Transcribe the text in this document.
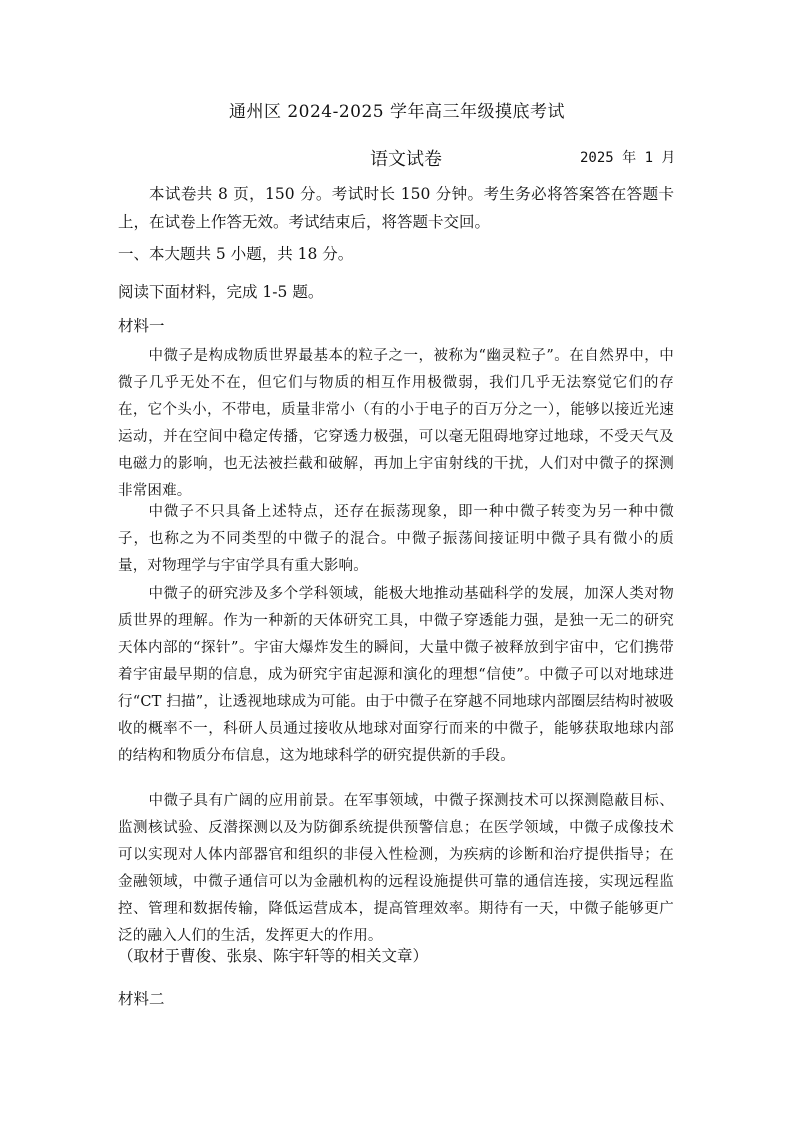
通州区 2024-2025 学年高三年级摸底考试
语文试卷	2025 年 1 月
本试卷共 8 页，150 分。考试时长 150 分钟。考生务必将答案答在答题卡上，在试卷上作答无效。考试结束后，将答题卡交回。
一、本大题共 5 小题，共 18 分。
阅读下面材料，完成 1-5 题。
材料一
中微子是构成物质世界最基本的粒子之一，被称为“幽灵粒子”。在自然界中，中微子几乎无处不在，但它们与物质的相互作用极微弱，我们几乎无法察觉它们的存在，它个头小，不带电，质量非常小（有的小于电子的百万分之一），能够以接近光速运动，并在空间中稳定传播，它穿透力极强，可以毫无阻碍地穿过地球，不受天气及电磁力的影响，也无法被拦截和破解，再加上宇宙射线的干扰，人们对中微子的探测非常困难。
中微子不只具备上述特点，还存在振荡现象，即一种中微子转变为另一种中微子，也称之为不同类型的中微子的混合。中微子振荡间接证明中微子具有微小的质量，对物理学与宇宙学具有重大影响。
中微子的研究涉及多个学科领域，能极大地推动基础科学的发展，加深人类对物质世界的理解。作为一种新的天体研究工具，中微子穿透能力强，是独一无二的研究天体内部的“探针”。宇宙大爆炸发生的瞬间，大量中微子被释放到宇宙中，它们携带着宇宙最早期的信息，成为研究宇宙起源和演化的理想“信使”。中微子可以对地球进行“CT 扫描”，让透视地球成为可能。由于中微子在穿越不同地球内部圈层结构时被吸收的概率不一，科研人员通过接收从地球对面穿行而来的中微子，能够获取地球内部的结构和物质分布信息，这为地球科学的研究提供新的手段。
中微子具有广阔的应用前景。在军事领域，中微子探测技术可以探测隐蔽目标、监测核试验、反潜探测以及为防御系统提供预警信息；在医学领域，中微子成像技术可以实现对人体内部器官和组织的非侵入性检测，为疾病的诊断和治疗提供指导；在金融领域，中微子通信可以为金融机构的远程设施提供可靠的通信连接，实现远程监控、管理和数据传输，降低运营成本，提高管理效率。期待有一天，中微子能够更广泛的融入人们的生活，发挥更大的作用。
（取材于曹俊、张泉、陈宇轩等的相关文章）
材料二
